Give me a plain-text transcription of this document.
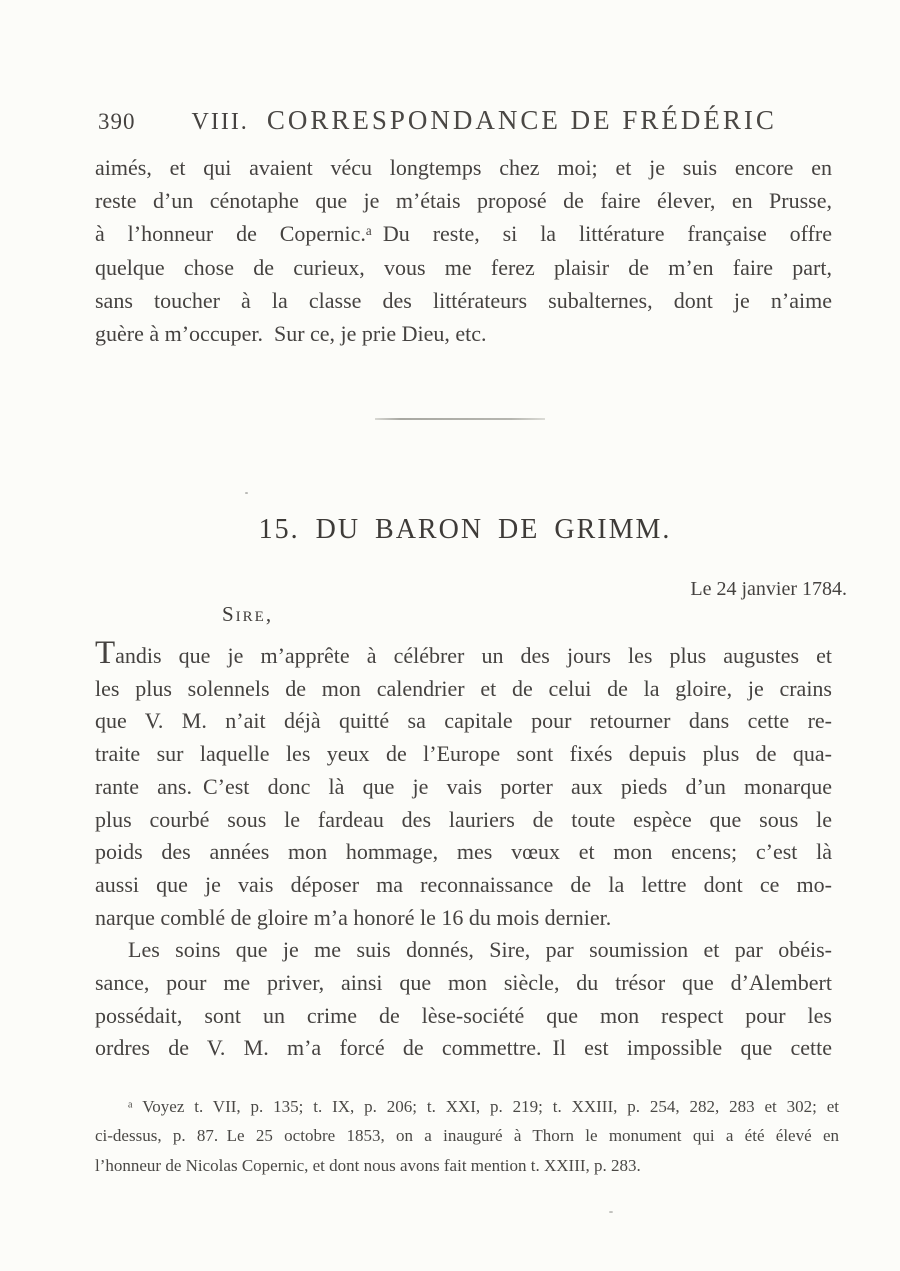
390 VIII. CORRESPONDANCE DE FRÉDÉRIC
aimés, et qui avaient vécu longtemps chez moi; et je suis encore en
reste d’un cénotaphe que je m’étais proposé de faire élever, en Prusse,
à l’honneur de Copernic.ᵃ Du reste, si la littérature française offre
quelque chose de curieux, vous me ferez plaisir de m’en faire part,
sans toucher à la classe des littérateurs subalternes, dont je n’aime
guère à m’occuper. Sur ce, je prie Dieu, etc.
15. DU BARON DE GRIMM.
Le 24 janvier 1784.
Sire,
Tandis que je m’apprête à célébrer un des jours les plus augustes et
les plus solennels de mon calendrier et de celui de la gloire, je crains
que V. M. n’ait déjà quitté sa capitale pour retourner dans cette re-
traite sur laquelle les yeux de l’Europe sont fixés depuis plus de qua-
rante ans. C’est donc là que je vais porter aux pieds d’un monarque
plus courbé sous le fardeau des lauriers de toute espèce que sous le
poids des années mon hommage, mes vœux et mon encens; c’est là
aussi que je vais déposer ma reconnaissance de la lettre dont ce mo-
narque comblé de gloire m’a honoré le 16 du mois dernier.
Les soins que je me suis donnés, Sire, par soumission et par obéis-
sance, pour me priver, ainsi que mon siècle, du trésor que d’Alembert
possédait, sont un crime de lèse-société que mon respect pour les
ordres de V. M. m’a forcé de commettre. Il est impossible que cette
ᵃ Voyez t. VII, p. 135; t. IX, p. 206; t. XXI, p. 219; t. XXIII, p. 254, 282, 283 et 302; et
ci-dessus, p. 87. Le 25 octobre 1853, on a inauguré à Thorn le monument qui a été élevé en
l’honneur de Nicolas Copernic, et dont nous avons fait mention t. XXIII, p. 283.
